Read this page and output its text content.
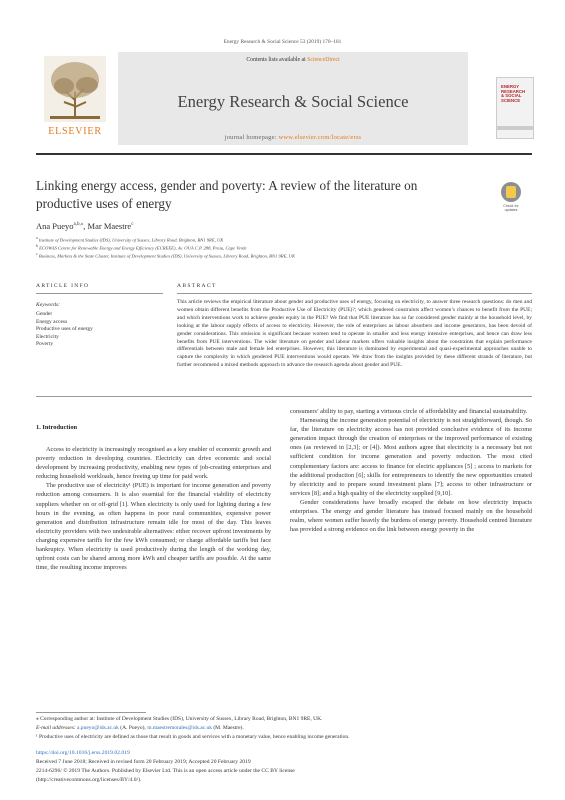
Energy Research & Social Science 53 (2019) 170–181
ELSEVIER
Contents lists available at ScienceDirect
Energy Research & Social Science
journal homepage: www.elsevier.com/locate/erss
ENERGY
RESEARCH
& SOCIAL
SCIENCE
Linking energy access, gender and poverty: A review of the literature on productive uses of energy	Check for
updates
Ana Pueyo$^{a,b,⁎}$, Mar Maestre$^c$
$^a$ Institute of Development Studies (IDS), University of Sussex, Library Road, Brighton, BN1 9RE, UK
$^b$ ECOWAS Centre for Renewable Energy and Energy Efficiency (ECREEE), Av. OUA C.P. 288, Praia, Cape Verde
$^c$ Business, Markets & the State Cluster, Institute of Development Studies (IDS), University of Sussex, Library Road, Brighton, BN1 9RE, UK
ARTICLE INFO	ABSTRACT
Keywords:
Gender
Energy access
Productive uses of energy
Electricity
Poverty
This article reviews the empirical literature about gender and productive uses of energy, focusing on electricity, to answer three research questions: do men and women obtain different benefits from the Productive Use of Electricity (PUE)?; which gendered constraints affect women’s chances to benefit from the PUE; and which interventions work to achieve gender equity in the PUE? We find that PUE literature has so far considered gender mainly at the household level, by looking at the labour supply effects of access to electricity. However, the role of enterprises as labour absorbers and income generators, has been devoid of gender considerations. This omission is significant because women tend to operate in smaller and less energy intensive enterprises, and hence can draw less benefits from PUE interventions. The wider literature on gender and labour markets offers valuable insights about the constraints that explain performance differentials between male and female led enterprises. However, this literature is dominated by experimental and quasi-experimental approaches unable to capture the complexity in which gendered PUE interventions would operate. We draw from the insights provided by these different strands of literature, but further recommend a mixed methods approach to advance the research agenda about gender and PUE.
1. Introduction

Access to electricity is increasingly recognised as a key enabler of economic growth and poverty reduction in developing countries. Electricity can drive economic and social development by increasing productivity, enabling new types of job-creating enterprises and reducing household workloads, hence freeing up time for paid work.

The productive use of electricity¹ (PUE) is important for income generation and poverty reduction among consumers. It is also essential for the financial viability of electricity suppliers whether on or off-grid [1]. When electricity is only used for lighting during a few hours in the evening, as often happens in poor rural communities, expensive power generation and distribution infrastructure remain idle for most of the day. This leaves electricity providers with two undesirable alternatives: either recover upfront investments by charging expensive tariffs for the few kWh consumed; or charge affordable tariffs but face bankruptcy. When electricity is used productively during the length of the working day, upfront costs can be shared among more kWh and cheaper tariffs are possible. At the same time, the resulting income improves

consumers’ ability to pay, starting a virtuous circle of affordability and financial sustainability.

Harnessing the income generation potential of electricity is not straightforward, though. So far, the literature on electricity access has not provided conclusive evidence of its income generation impact through the creation of enterprises or the improved performance of existing ones (as reviewed in [2,3]; or [4]). Most authors agree that electricity is a necessary but not sufficient condition for income generation and poverty reduction. The most cited complementary factors are: access to finance for electric appliances [5] ; access to markets for the additional production [6]; skills for entrepreneurs to identify the new opportunities created by electricity and to prepare sound investment plans [7]; access to other infrastructure or services [8]; and a high quality of the electricity supplied [9,10].

Gender considerations have broadly escaped the debate on how electricity impacts enterprises. The energy and gender literature has instead focused mainly on the household realm, where women suffer heavily the burdens of energy poverty. Household centred literature has provided a strong evidence on the link between energy poverty in the

⁎ Corresponding author at: Institute of Development Studies (IDS), University of Sussex, Library Road, Brighton, BN1 9RE, UK.
E-mail addresses: a.pueyo@ids.ac.uk (A. Pueyo), m.maestremorales@ids.ac.uk (M. Maestre).
¹ Productive uses of electricity are defined as those that result in goods and services with a monetary value, hence enabling income generation.
https://doi.org/10.1016/j.erss.2019.02.019
Received 7 June 2018; Received in revised form 20 February 2019; Accepted 20 February 2019
2214-6296/ © 2019 The Authors. Published by Elsevier Ltd. This is an open access article under the CC BY license
(http://creativecommons.org/licenses/BY/4.0/).
